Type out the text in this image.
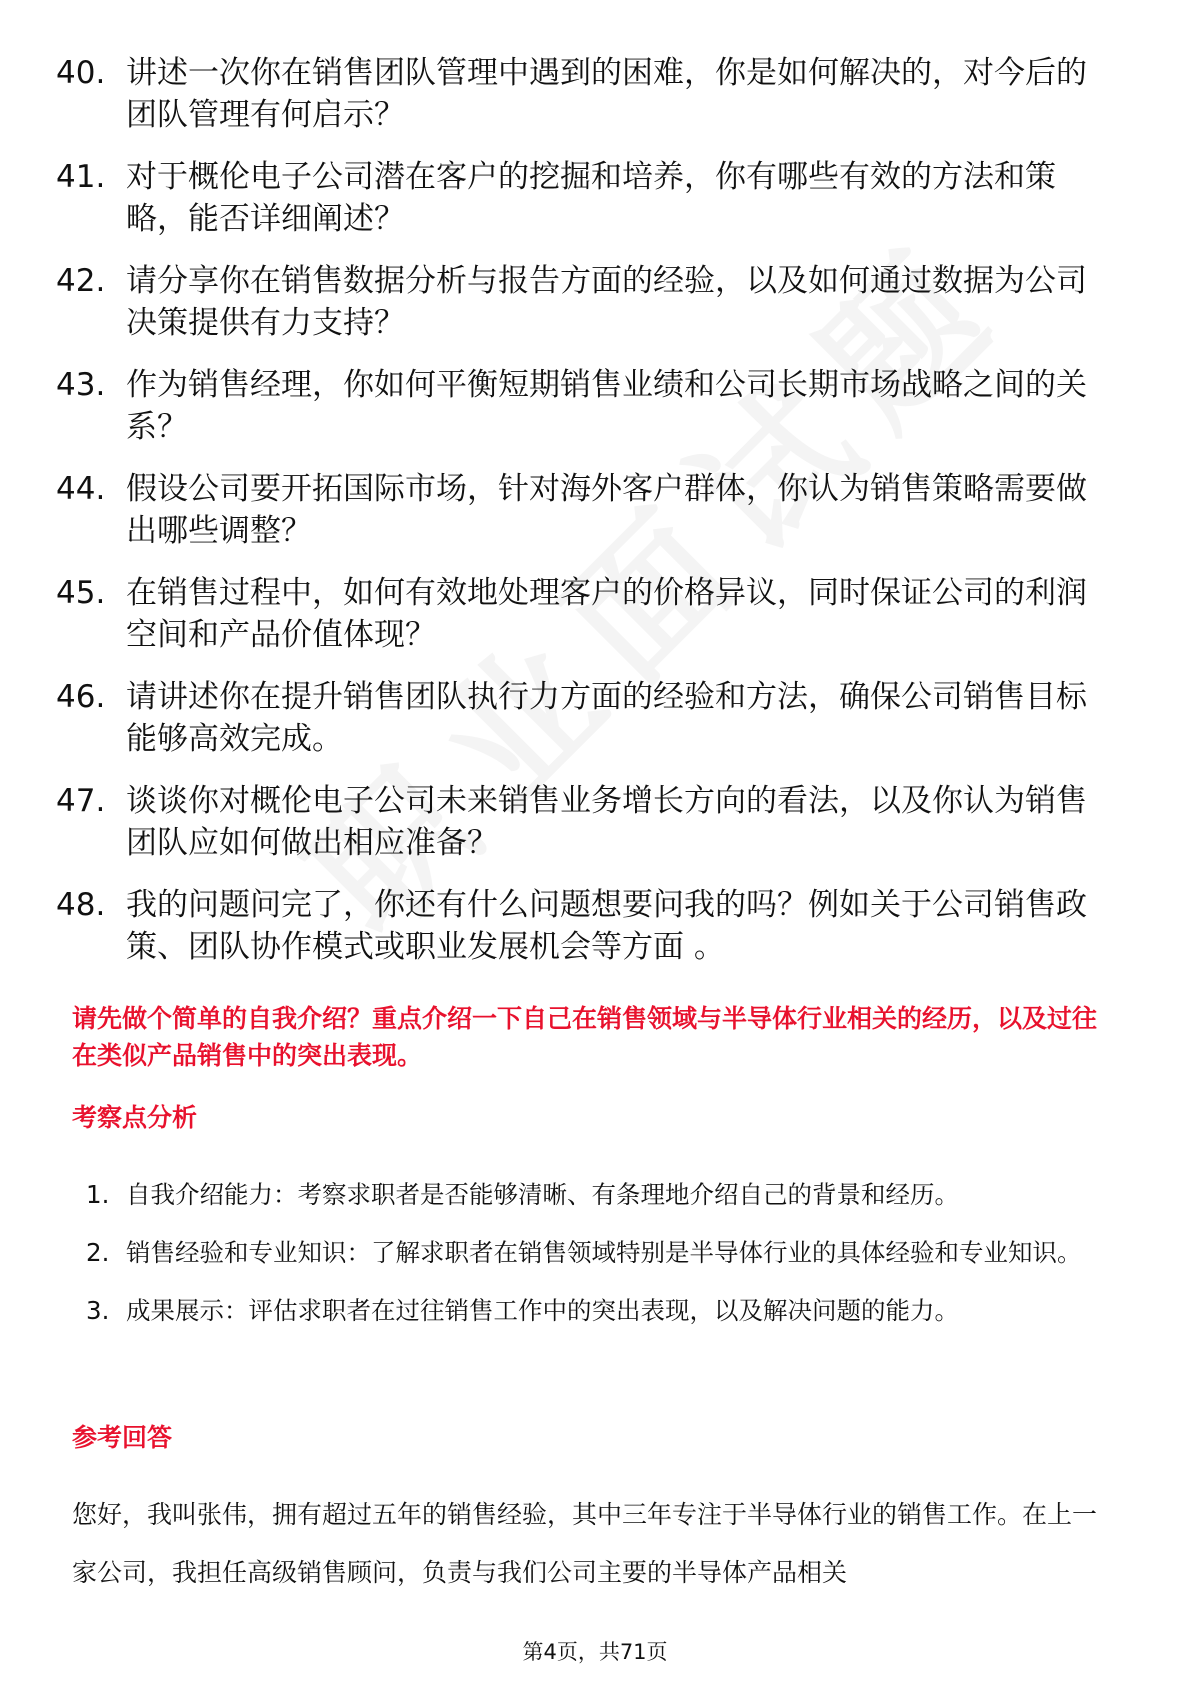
40. 讲述一次你在销售团队管理中遇到的困难，你是如何解决的，对今后的团队管理有何启示？
41. 对于概伦电子公司潜在客户的挖掘和培养，你有哪些有效的方法和策略，能否详细阐述？
42. 请分享你在销售数据分析与报告方面的经验，以及如何通过数据为公司决策提供有力支持？
43. 作为销售经理，你如何平衡短期销售业绩和公司长期市场战略之间的关系？
44. 假设公司要开拓国际市场，针对海外客户群体，你认为销售策略需要做出哪些调整？
45. 在销售过程中，如何有效地处理客户的价格异议，同时保证公司的利润空间和产品价值体现？
46. 请讲述你在提升销售团队执行力方面的经验和方法，确保公司销售目标能够高效完成。
47. 谈谈你对概伦电子公司未来销售业务增长方向的看法，以及你认为销售团队应如何做出相应准备？
48. 我的问题问完了，你还有什么问题想要问我的吗？例如关于公司销售政策、团队协作模式或职业发展机会等方面 。
请先做个简单的自我介绍？重点介绍一下自己在销售领域与半导体行业相关的经历，以及过往在类似产品销售中的突出表现。
考察点分析
1. 自我介绍能力：考察求职者是否能够清晰、有条理地介绍自己的背景和经历。
2. 销售经验和专业知识：了解求职者在销售领域特别是半导体行业的具体经验和专业知识。
3. 成果展示：评估求职者在过往销售工作中的突出表现，以及解决问题的能力。
参考回答
您好，我叫张伟，拥有超过五年的销售经验，其中三年专注于半导体行业的销售工作。在上一家公司，我担任高级销售顾问，负责与我们公司主要的半导体产品相关
第4页，共71页
